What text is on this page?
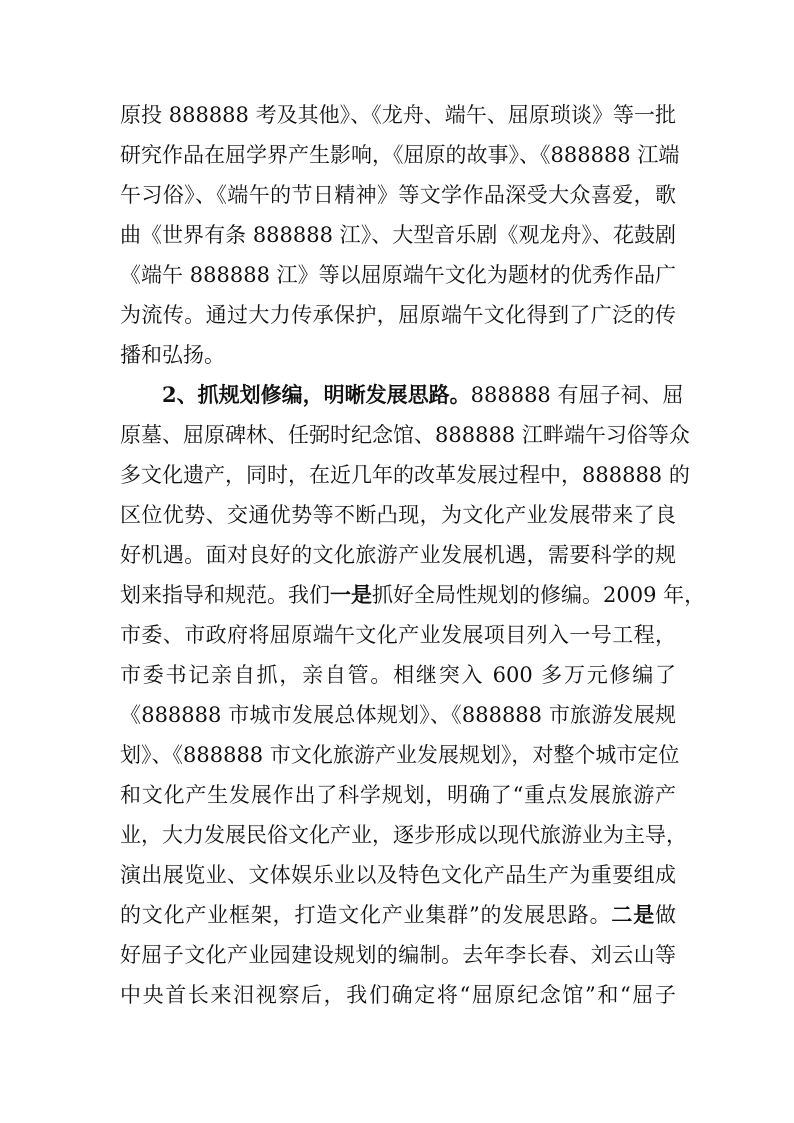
原投 888888 考及其他》、《龙舟、端午、屈原琐谈》等一批
研究作品在屈学界产生影响，《屈原的故事》、《888888 江端
午习俗》、《端午的节日精神》等文学作品深受大众喜爱，歌
曲《世界有条 888888 江》、大型音乐剧《观龙舟》、花鼓剧
《端午 888888 江》等以屈原端午文化为题材的优秀作品广
为流传。通过大力传承保护，屈原端午文化得到了广泛的传
播和弘扬。
2、抓规划修编，明晰发展思路。888888 有屈子祠、屈
原墓、屈原碑林、任弼时纪念馆、888888 江畔端午习俗等众
多文化遗产，同时，在近几年的改革发展过程中，888888 的
区位优势、交通优势等不断凸现，为文化产业发展带来了良
好机遇。面对良好的文化旅游产业发展机遇，需要科学的规
划来指导和规范。我们一是抓好全局性规划的修编。2009 年，
市委、市政府将屈原端午文化产业发展项目列入一号工程，
市委书记亲自抓，亲自管。相继突入 600 多万元修编了
《888888 市城市发展总体规划》、《888888 市旅游发展规
划》、《888888 市文化旅游产业发展规划》，对整个城市定位
和文化产生发展作出了科学规划，明确了“重点发展旅游产
业，大力发展民俗文化产业，逐步形成以现代旅游业为主导，
演出展览业、文体娱乐业以及特色文化产品生产为重要组成
的文化产业框架，打造文化产业集群”的发展思路。二是做
好屈子文化产业园建设规划的编制。去年李长春、刘云山等
中央首长来汨视察后，我们确定将“屈原纪念馆”和“屈子
